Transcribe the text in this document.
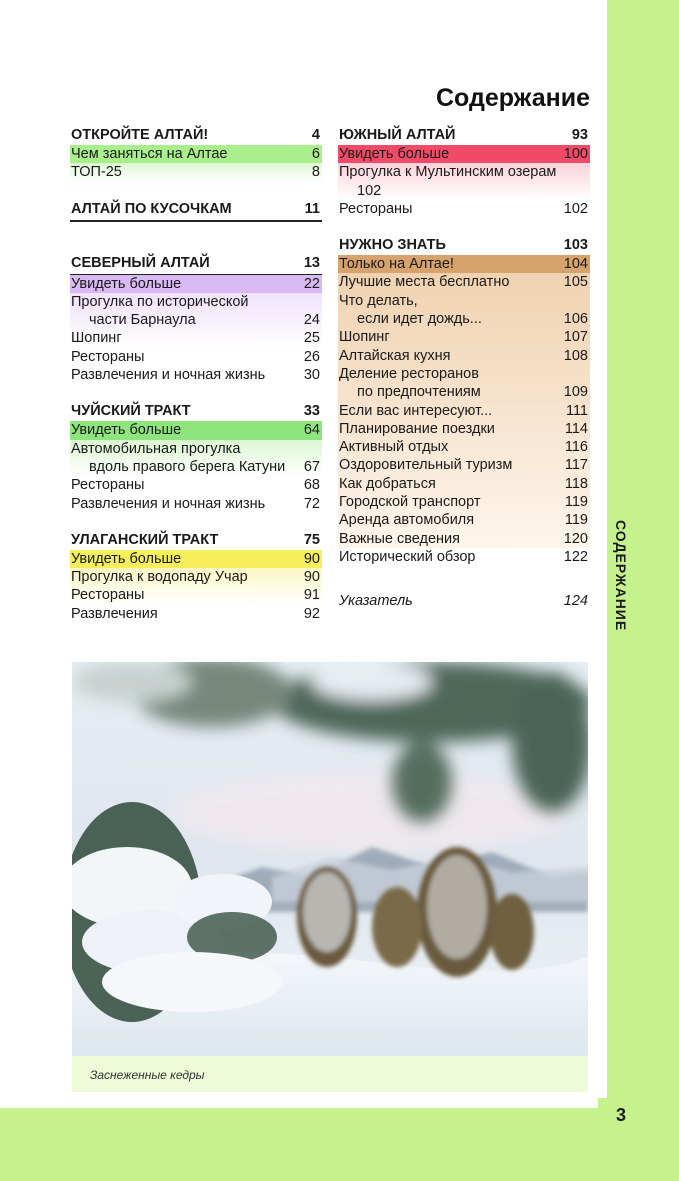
СОДЕРЖАНИЕ
3
Содержание
ОТКРОЙТЕ АЛТАЙ!	4
Чем заняться на Алтае	6
ТОП-25	8
АЛТАЙ ПО КУСОЧКАМ	11
СЕВЕРНЫЙ АЛТАЙ	13
Увидеть больше	22
Прогулка по исторической
части Барнаула	24
Шопинг	25
Рестораны	26
Развлечения и ночная жизнь	30
ЧУЙСКИЙ ТРАКТ	33
Увидеть больше	64
Автомобильная прогулка
вдоль правого берега Катуни	67
Рестораны	68
Развлечения и ночная жизнь	72
УЛАГАНСКИЙ ТРАКТ	75
Увидеть больше	90
Прогулка к водопаду Учар	90
Рестораны	91
Развлечения	92
ЮЖНЫЙ АЛТАЙ	93
Увидеть больше	100
Прогулка к Мультинским озерам
102
Рестораны	102
НУЖНО ЗНАТЬ	103
Только на Алтае!	104
Лучшие места бесплатно	105
Что делать,
если идет дождь...	106
Шопинг	107
Алтайская кухня	108
Деление ресторанов
по предпочтениям	109
Если вас интересуют...	111
Планирование поездки	114
Активный отдых	116
Оздоровительный туризм	117
Как добраться	118
Городской транспорт	119
Аренда автомобиля	119
Важные сведения	120
Исторический обзор	122
Указатель	124
Заснеженные кедры
